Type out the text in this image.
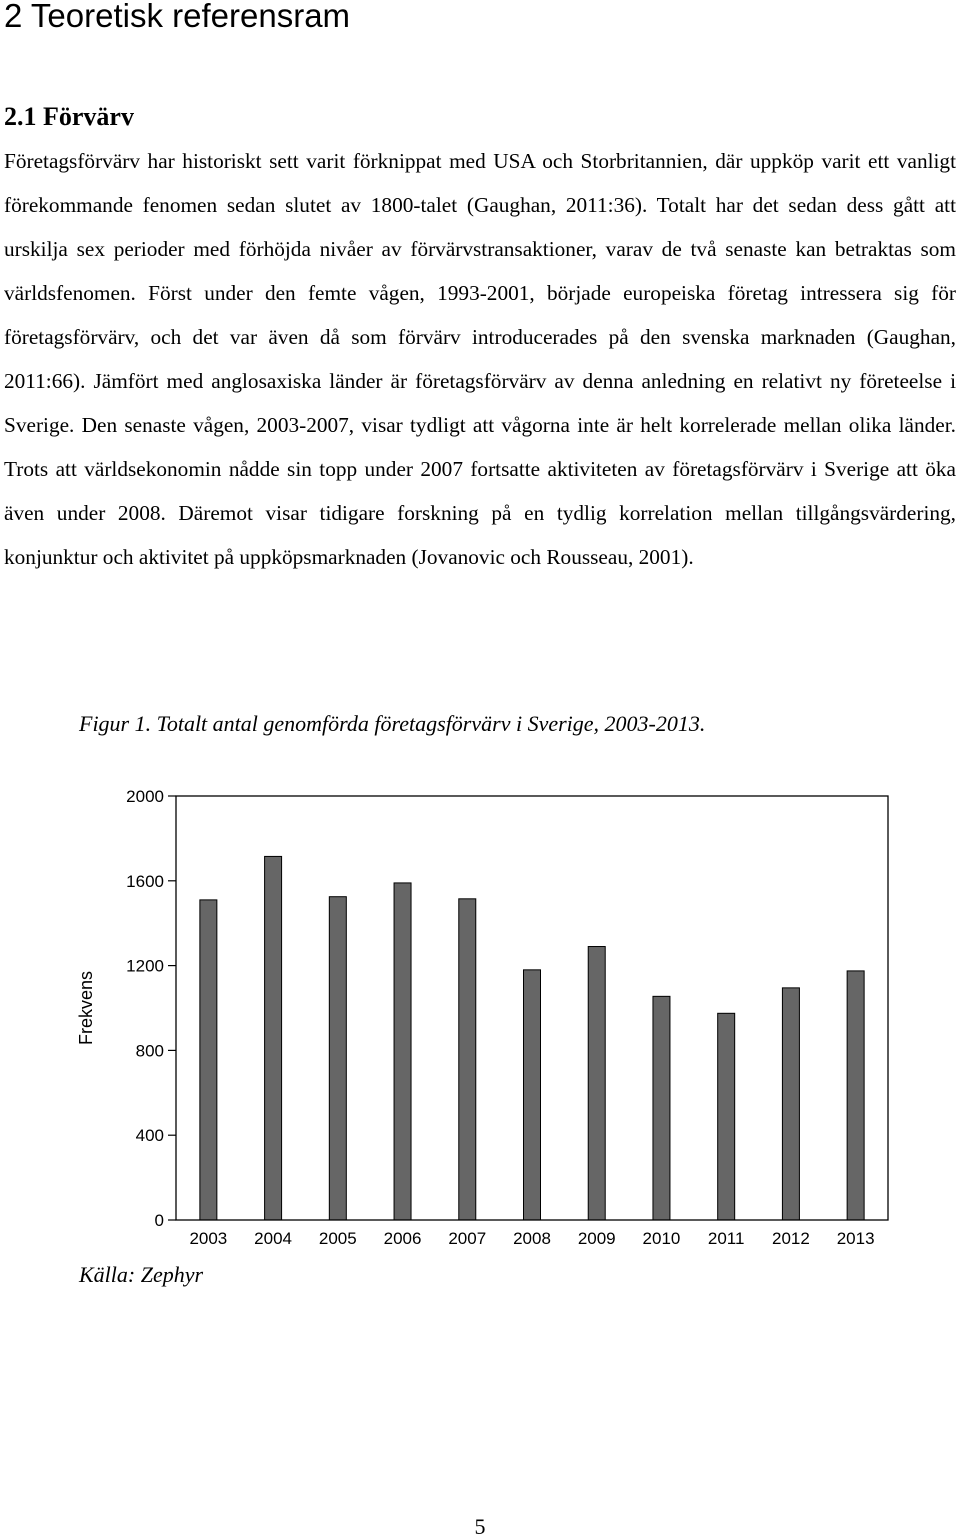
2 Teoretisk referensram
2.1 Förvärv

Företagsförvärv har historiskt sett varit förknippat med USA och Storbritannien, där uppköp varit ett vanligt förekommande fenomen sedan slutet av 1800-talet (Gaughan, 2011:36). Totalt har det sedan dess gått att urskilja sex perioder med förhöjda nivåer av förvärvstransaktioner, varav de två senaste kan betraktas som världsfenomen. Först under den femte vågen, 1993-2001, började europeiska företag intressera sig för företagsförvärv, och det var även då som förvärv introducerades på den svenska marknaden (Gaughan, 2011:66). Jämfört med anglosaxiska länder är företagsförvärv av denna anledning en relativt ny företeelse i Sverige. Den senaste vågen, 2003-2007, visar tydligt att vågorna inte är helt korrelerade mellan olika länder. Trots att världsekonomin nådde sin topp under 2007 fortsatte aktiviteten av företagsförvärv i Sverige att öka även under 2008. Däremot visar tidigare forskning på en tydlig korrelation mellan tillgångsvärdering, konjunktur och aktivitet på uppköpsmarknaden (Jovanovic och Rousseau, 2001).

Figur 1. Totalt antal genomförda företagsförvärv i Sverige, 2003-2013.

Frekvens
0
400
800
1200
1600
2000
2003 2004 2005 2006 2007 2008 2009 2010 2011 2012 2013

Källa: Zephyr

5
